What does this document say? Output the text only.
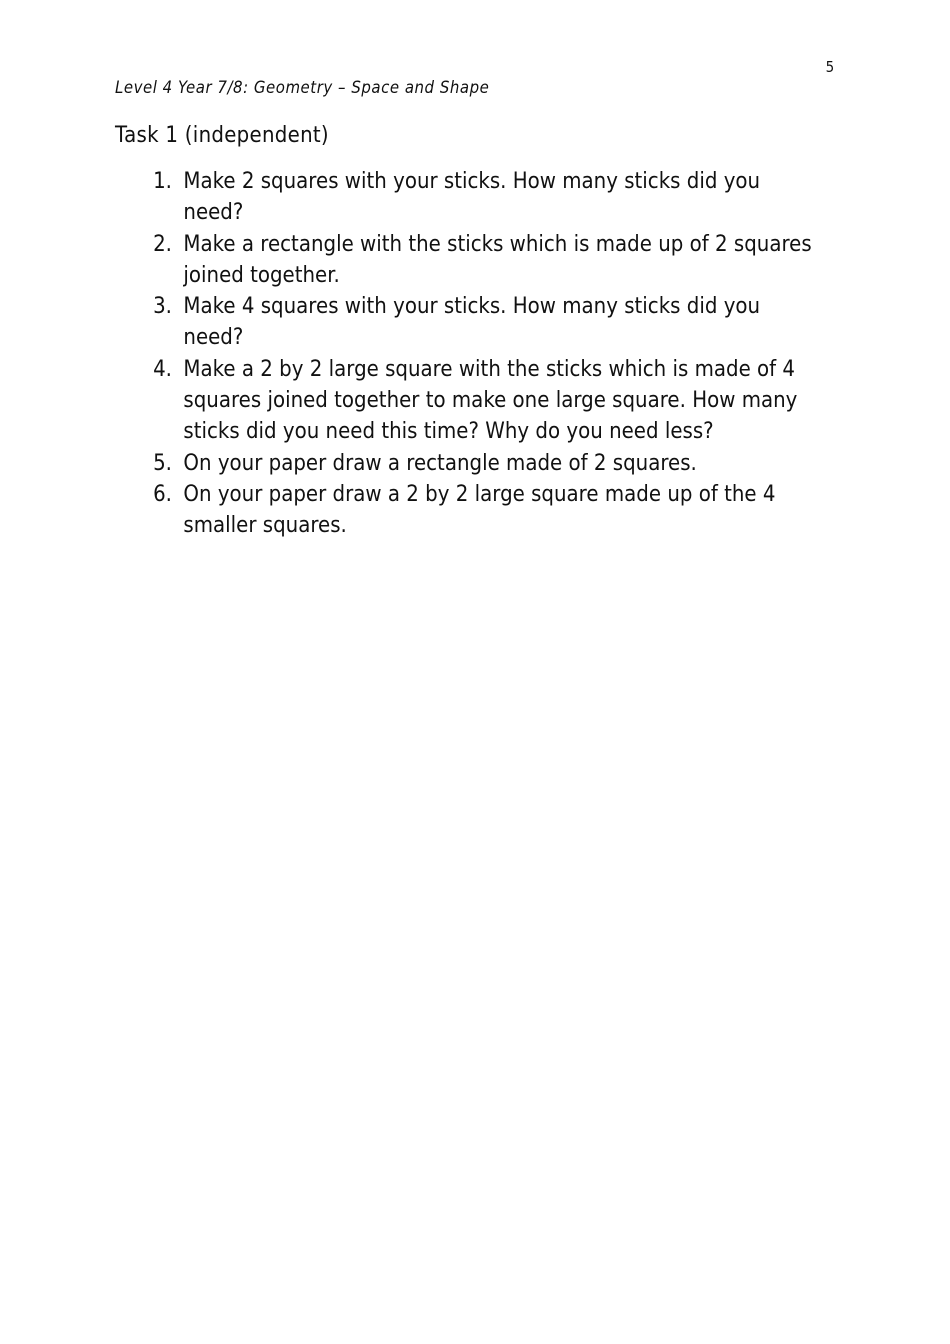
5
Level 4 Year 7/8: Geometry – Space and Shape
Task 1 (independent)
1. Make 2 squares with your sticks. How many sticks did you
need?
2. Make a rectangle with the sticks which is made up of 2 squares
joined together.
3. Make 4 squares with your sticks. How many sticks did you
need?
4. Make a 2 by 2 large square with the sticks which is made of 4
squares joined together to make one large square. How many
sticks did you need this time? Why do you need less?
5. On your paper draw a rectangle made of 2 squares.
6. On your paper draw a 2 by 2 large square made up of the 4
smaller squares.
